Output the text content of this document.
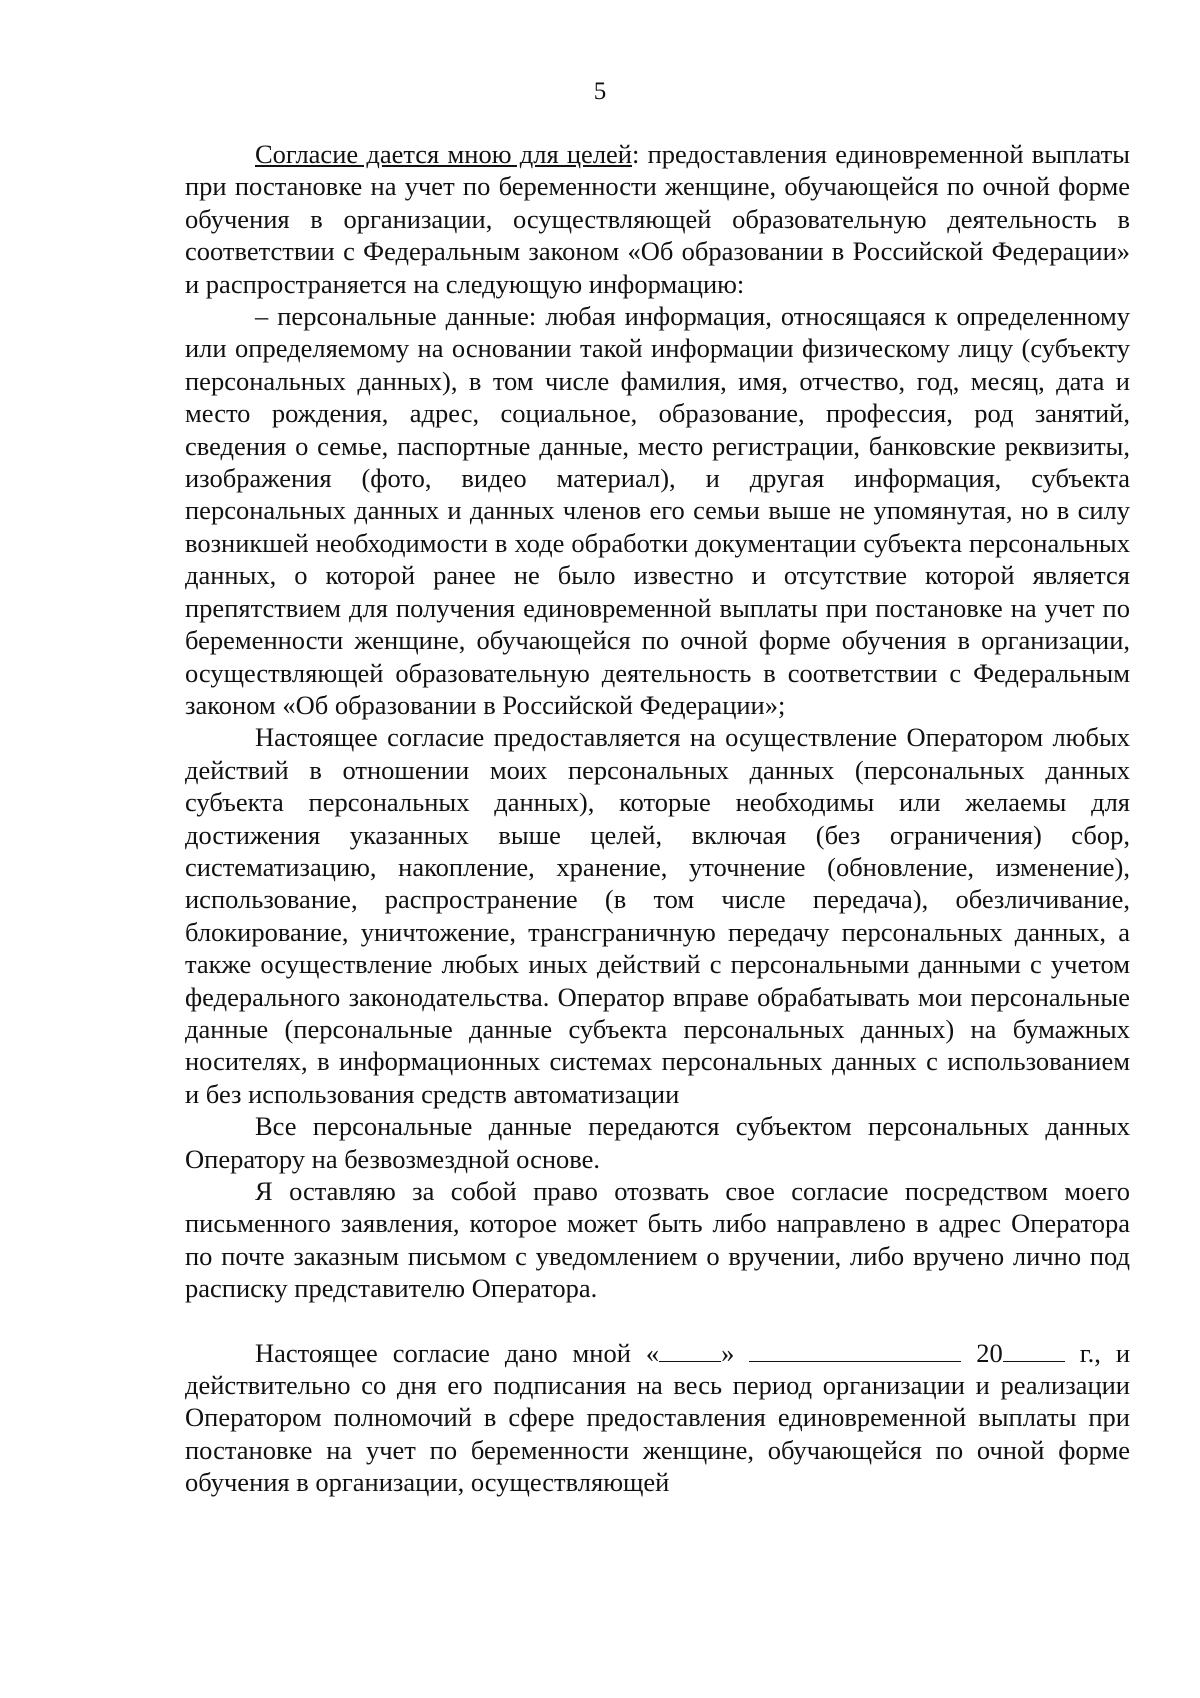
5

Согласие дается мною для целей: предоставления единовременной выплаты при постановке на учет по беременности женщине, обучающейся по очной форме обучения в организации, осуществляющей образовательную деятельность в соответствии с Федеральным законом «Об образовании в Российской Федерации» и распространяется на следующую информацию:

– персональные данные: любая информация, относящаяся к определенному или определяемому на основании такой информации физическому лицу (субъекту персональных данных), в том числе фамилия, имя, отчество, год, месяц, дата и место рождения, адрес, социальное, образование, профессия, род занятий, сведения о семье, паспортные данные, место регистрации, банковские реквизиты, изображения (фото, видео материал), и другая информация, субъекта персональных данных и данных членов его семьи выше не упомянутая, но в силу возникшей необходимости в ходе обработки документации субъекта персональных данных, о которой ранее не было известно и отсутствие которой является препятствием для получения единовременной выплаты при постановке на учет по беременности женщине, обучающейся по очной форме обучения в организации, осуществляющей образовательную деятельность в соответствии с Федеральным законом «Об образовании в Российской Федерации»;

Настоящее согласие предоставляется на осуществление Оператором любых действий в отношении моих персональных данных (персональных данных субъекта персональных данных), которые необходимы или желаемы для достижения указанных выше целей, включая (без ограничения) сбор, систематизацию, накопление, хранение, уточнение (обновление, изменение), использование, распространение (в том числе передача), обезличивание, блокирование, уничтожение, трансграничную передачу персональных данных, а также осуществление любых иных действий с персональными данными с учетом федерального законодательства. Оператор вправе обрабатывать мои персональные данные (персональные данные субъекта персональных данных) на бумажных носителях, в информационных системах персональных данных с использованием и без использования средств автоматизации

Все персональные данные передаются субъектом персональных данных Оператору на безвозмездной основе.

Я оставляю за собой право отозвать свое согласие посредством моего письменного заявления, которое может быть либо направлено в адрес Оператора по почте заказным письмом с уведомлением о вручении, либо вручено лично под расписку представителю Оператора.

Настоящее согласие дано мной « »	20	г., и действительно со дня его подписания на весь период организации и реализации Оператором полномочий в сфере предоставления единовременной выплаты при постановке на учет по беременности женщине, обучающейся по очной форме обучения в организации, осуществляющей
